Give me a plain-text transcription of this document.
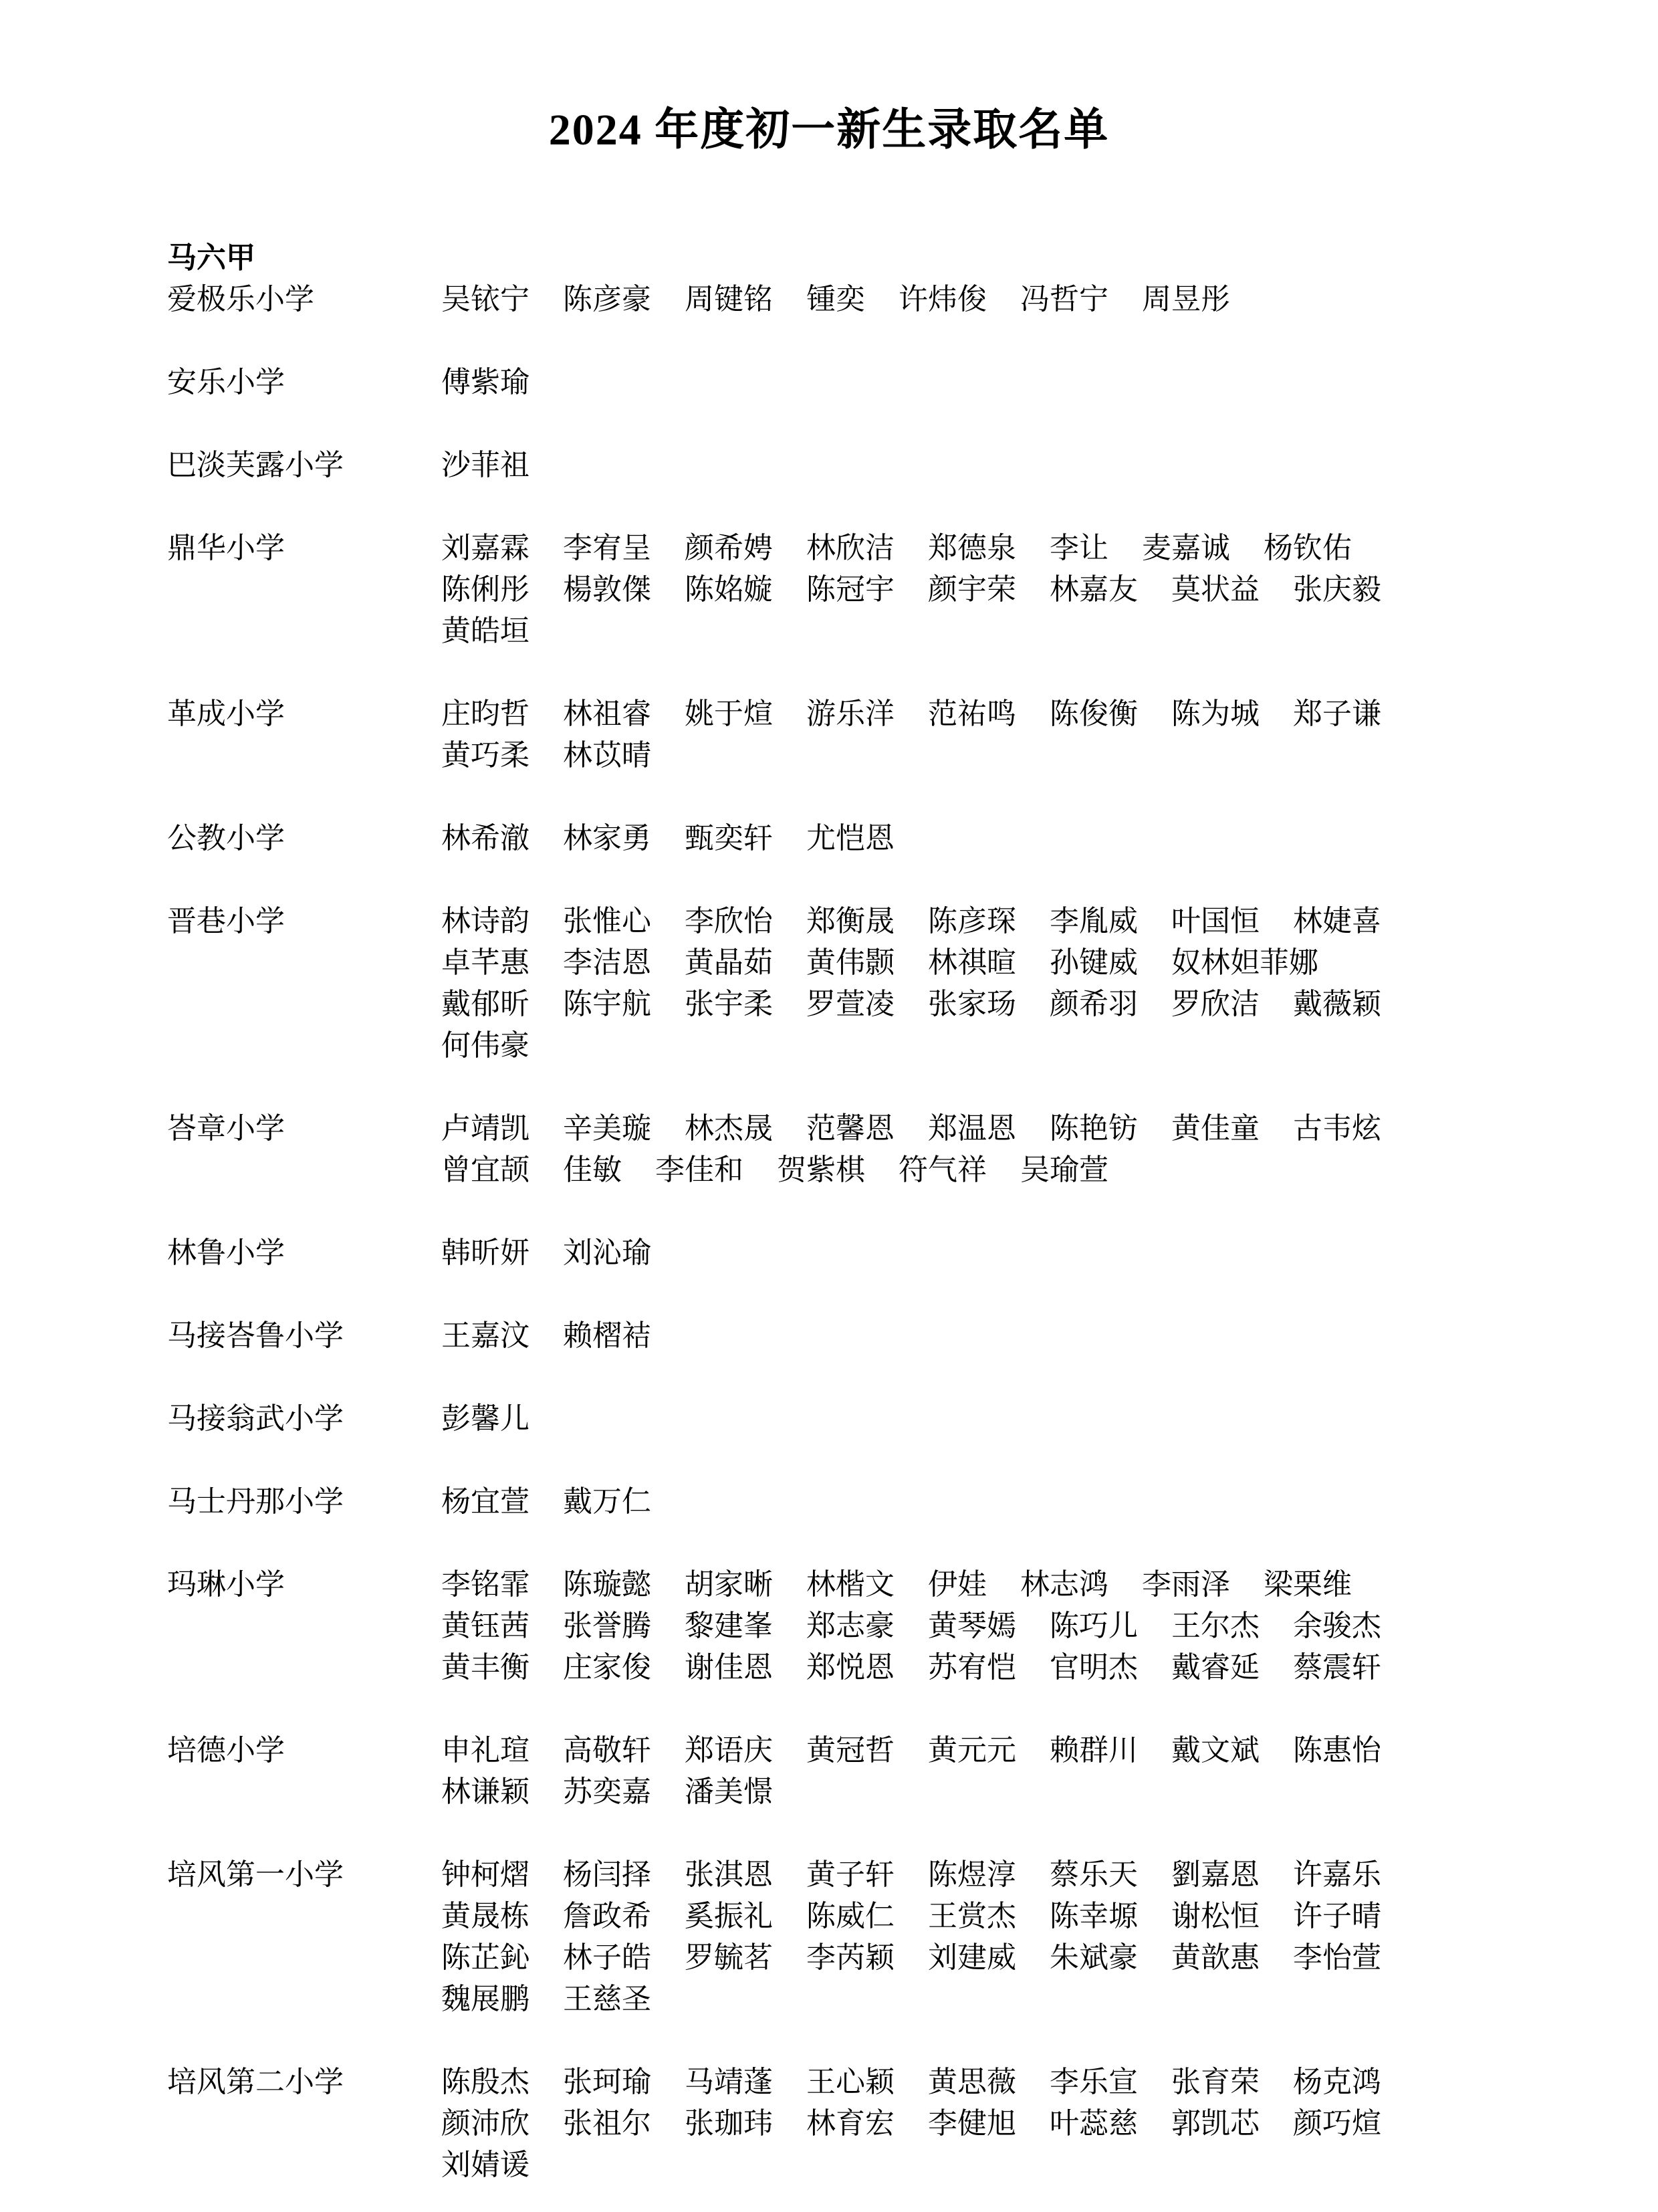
2024 年度初一新生录取名单
马六甲
爱极乐小学	吴铱宁 陈彦豪 周键铭 锺奕 许炜俊 冯哲宁 周昱彤
安乐小学	傅紫瑜
巴淡芙露小学	沙菲祖
鼎华小学	刘嘉霖 李宥呈 颜希娉 林欣洁 郑德泉 李让 麦嘉诚 杨钦佑
陈俐彤 楊敦傑 陈姳嫙 陈冠宇 颜宇荣 林嘉友 莫状益 张庆毅
黄皓垣
革成小学	庄昀哲 林祖睿 姚于煊 游乐洋 范祐鸣 陈俊衡 陈为城 郑子谦
黄巧柔 林苡晴
公教小学	林希澈 林家勇 甄奕轩 尤恺恩
晋巷小学	林诗韵 张惟心 李欣怡 郑衡晟 陈彦琛 李胤威 叶国恒 林婕喜
卓芊惠 李洁恩 黄晶茹 黄伟颢 林祺暄 孙键威 奴林妲菲娜
戴郁昕 陈宇航 张宇柔 罗萱凌 张家玚 颜希羽 罗欣洁 戴薇颖
何伟豪
峇章小学	卢靖凯 辛美璇 林杰晟 范馨恩 郑温恩 陈艳钫 黄佳童 古韦炫
曾宜颉 佳敏 李佳和 贺紫棋 符气祥 吴瑜萱
林鲁小学	韩昕妍 刘沁瑜
马接峇鲁小学	王嘉汶 赖槢袺
马接翁武小学	彭馨儿
马士丹那小学	杨宜萱 戴万仁
玛琳小学	李铭霏 陈璇懿 胡家晰 林楷文 伊娃 林志鸿 李雨泽 梁栗维
黄钰茜 张誉腾 黎建峯 郑志豪 黄琴嫣 陈巧儿 王尔杰 余骏杰
黄丰衡 庄家俊 谢佳恩 郑悦恩 苏宥恺 官明杰 戴睿延 蔡震轩
培德小学	申礼瑄 高敬轩 郑语庆 黄冠哲 黄元元 赖群川 戴文斌 陈惠怡
林谦颖 苏奕嘉 潘美憬
培风第一小学	钟柯熠 杨闫择 张淇恩 黄子轩 陈煜淳 蔡乐天 劉嘉恩 许嘉乐
黄晟栋 詹政希 奚振礼 陈威仁 王赏杰 陈幸塬 谢松恒 许子晴
陈芷鈊 林子皓 罗毓茗 李芮颖 刘建威 朱斌豪 黄歆惠 李怡萱
魏展鹏 王慈圣
培风第二小学	陈殷杰 张珂瑜 马靖蓬 王心颖 黄思薇 李乐宣 张育荣 杨克鸿
颜沛欣 张祖尔 张珈玮 林育宏 李健旭 叶蕊慈 郭凯芯 颜巧煊
刘婧谖
